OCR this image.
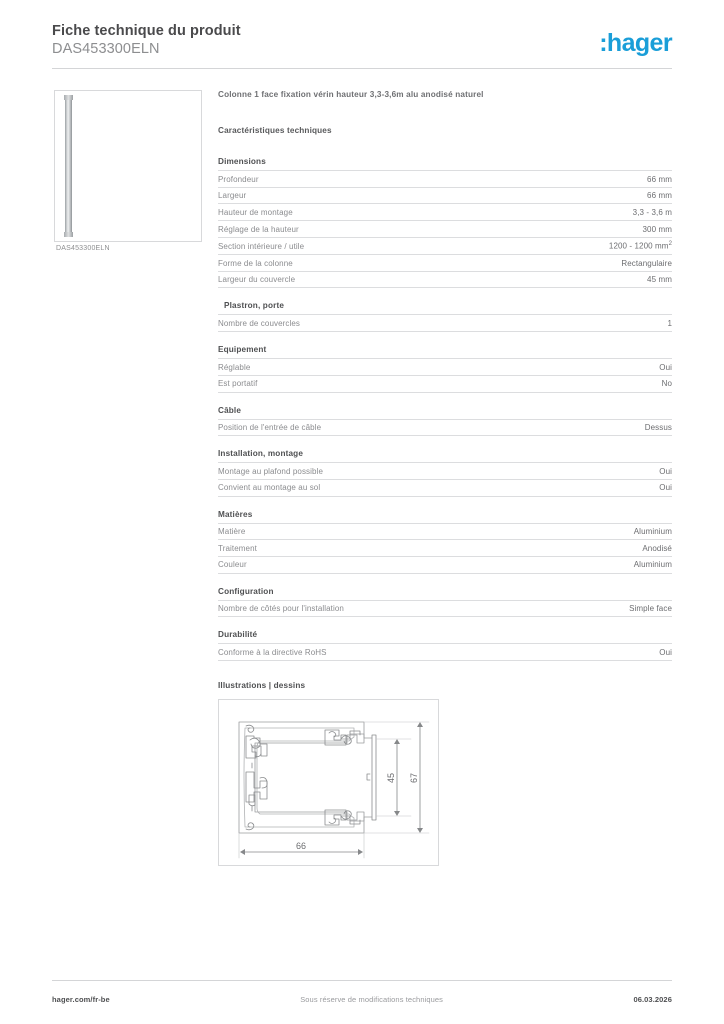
Fiche technique du produit
DAS453300ELN	:hager
DAS453300ELN
Colonne 1 face fixation vérin hauteur 3,3-3,6m alu anodisé naturel
Caractéristiques techniques
Dimensions
Profondeur	66 mm
Largeur	66 mm
Hauteur de montage	3,3 - 3,6 m
Réglage de la hauteur	300 mm
Section intérieure / utile	1200 - 1200 $mm^2$
Forme de la colonne	Rectangulaire
Largeur du couvercle	45 mm
Plastron, porte
Nombre de couvercles	1
Equipement
Réglable	Oui
Est portatif	No
Câble
Position de l'entrée de câble	Dessus
Installation, montage
Montage au plafond possible	Oui
Convient au montage au sol	Oui
Matières
Matière	Aluminium
Traitement	Anodisé
Couleur	Aluminium
Configuration
Nombre de côtés pour l'installation	Simple face
Durabilité
Conforme à la directive RoHS	Oui
Illustrations | dessins
66
45 67
hager.com/fr-be	Sous réserve de modifications techniques	06.03.2026
